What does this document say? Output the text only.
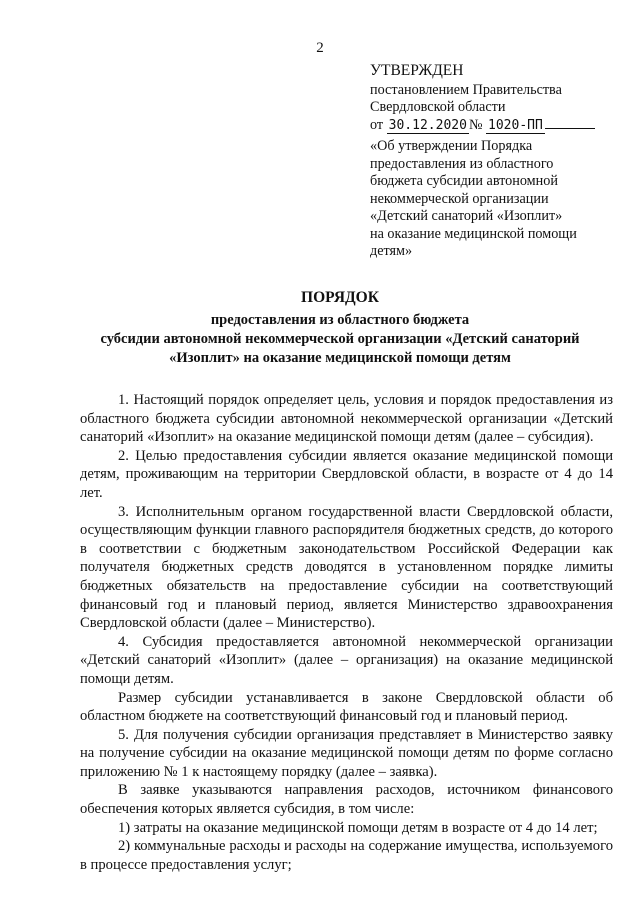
2
УТВЕРЖДЕН
постановлением Правительства
Свердловской области
от 30.12.2020 № 1020-ПП
«Об утверждении Порядка
предоставления из областного
бюджета субсидии автономной
некоммерческой организации
«Детский санаторий «Изоплит»
на оказание медицинской помощи
детям»
ПОРЯДОК
предоставления из областного бюджета
субсидии автономной некоммерческой организации «Детский санаторий
«Изоплит» на оказание медицинской помощи детям

1. Настоящий порядок определяет цель, условия и порядок предоставления из областного бюджета субсидии автономной некоммерческой организации «Детский санаторий «Изоплит» на оказание медицинской помощи детям (далее – субсидия).

2. Целью предоставления субсидии является оказание медицинской помощи детям, проживающим на территории Свердловской области, в возрасте от 4 до 14 лет.

3. Исполнительным органом государственной власти Свердловской области, осуществляющим функции главного распорядителя бюджетных средств, до которого в соответствии с бюджетным законодательством Российской Федерации как получателя бюджетных средств доводятся в установленном порядке лимиты бюджетных обязательств на предоставление субсидии на соответствующий финансовый год и плановый период, является Министерство здравоохранения Свердловской области (далее – Министерство).

4. Субсидия предоставляется автономной некоммерческой организации «Детский санаторий «Изоплит» (далее – организация) на оказание медицинской помощи детям.

Размер субсидии устанавливается в законе Свердловской области об областном бюджете на соответствующий финансовый год и плановый период.

5. Для получения субсидии организация представляет в Министерство заявку на получение субсидии на оказание медицинской помощи детям по форме согласно приложению № 1 к настоящему порядку (далее – заявка).

В заявке указываются направления расходов, источником финансового обеспечения которых является субсидия, в том числе:

1) затраты на оказание медицинской помощи детям в возрасте от 4 до 14 лет;

2) коммунальные расходы и расходы на содержание имущества, используемого в процессе предоставления услуг;
